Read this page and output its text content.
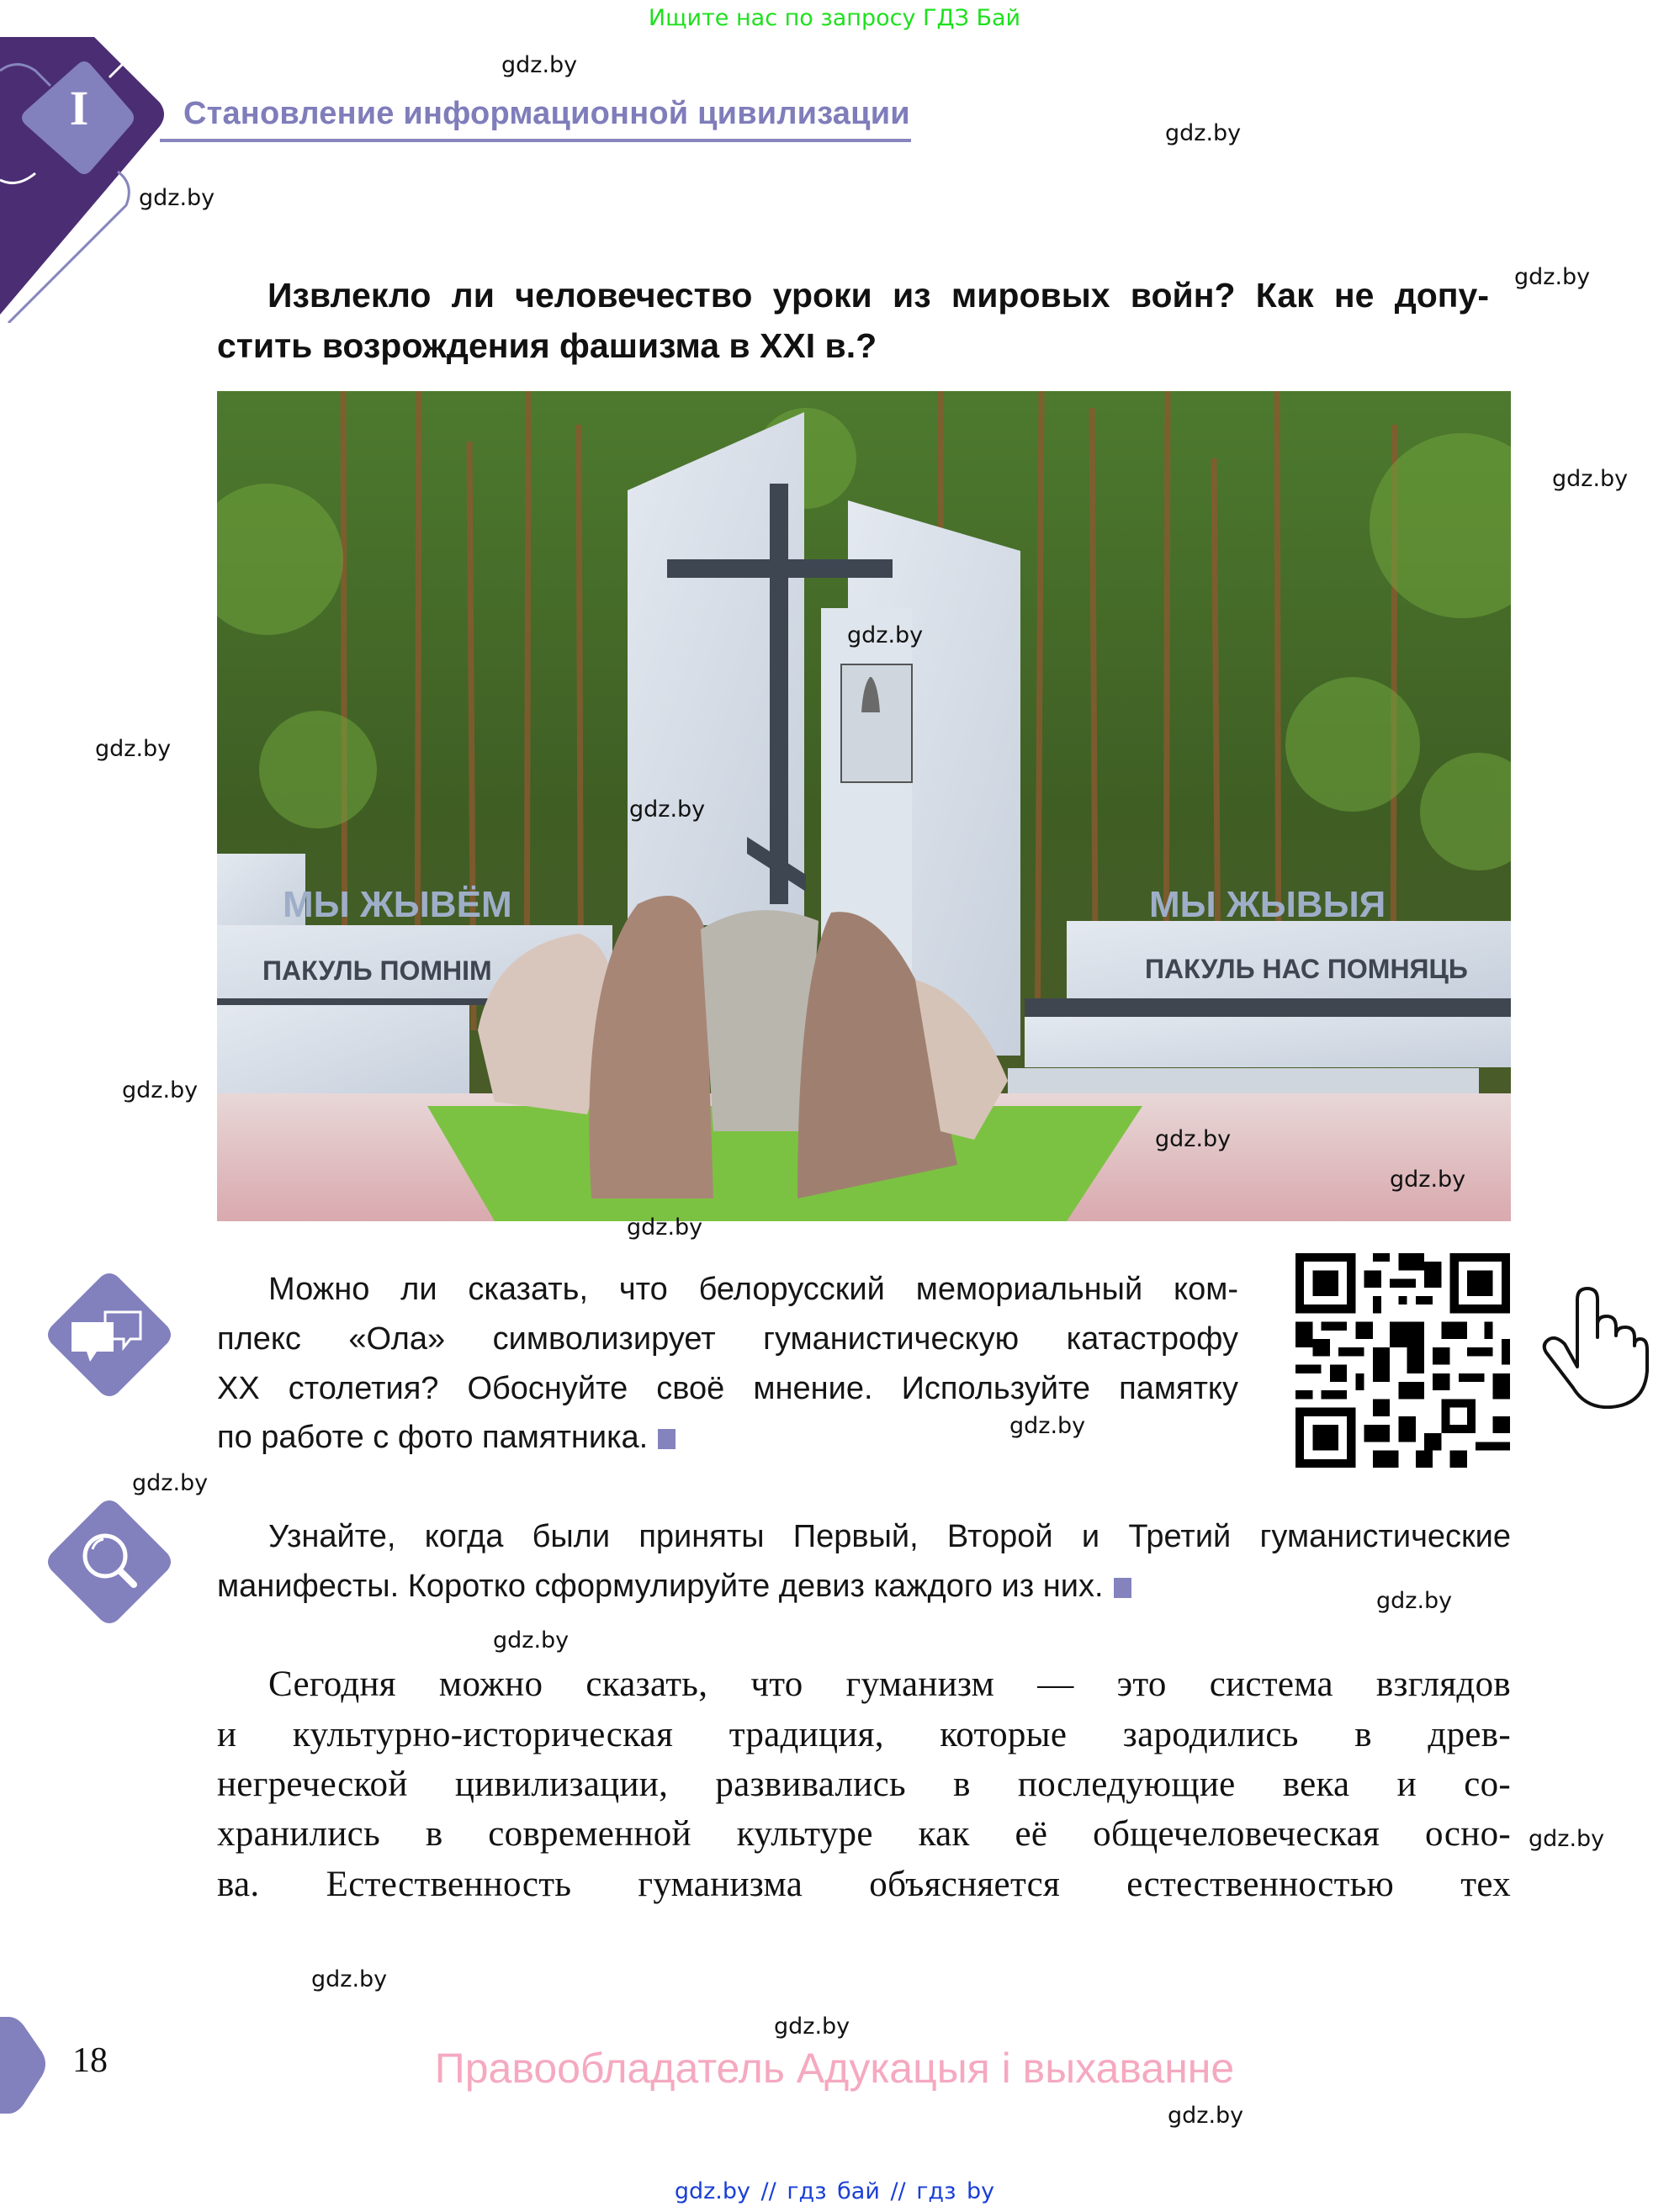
Ищите нас по запросу ГДЗ Бай
I	Становление информационной цивилизации
Извлекло ли человечество уроки из мировых войн? Как не допу-
стить возрождения фашизма в XXI в.?
МЫ ЖЫВЁМ
ПАКУЛЬ ПОМНІМ
МЫ ЖЫВЫЯ
ПАКУЛЬ НАС ПОМНЯЦЬ
Можно ли сказать, что белорусский мемориальный ком-
плекс «Ола» символизирует гуманистическую катастрофу
XX столетия? Обоснуйте своё мнение. Используйте памятку
по работе с фото памятника.
Узнайте, когда были приняты Первый, Второй и Третий гуманистические
манифесты. Коротко сформулируйте девиз каждого из них.
Сегодня можно сказать, что гуманизм — это система взглядов
и культурно-историческая традиция, которые зародились в древ-
негреческой цивилизации, развивались в последующие века и со-
хранились в современной культуре как её общечеловеческая осно-
ва. Естественность гуманизма объясняется естественностью тех
18	Правообладатель Адукацыя і выхаванне
gdz.by // гдз бай // гдз by
gdz.by
gdz.by
gdz.by
gdz.by
gdz.by
gdz.by
gdz.by
gdz.by
gdz.by
gdz.by
gdz.by
gdz.by
gdz.by
gdz.by
gdz.by
gdz.by
gdz.by
gdz.by
gdz.by
gdz.by
